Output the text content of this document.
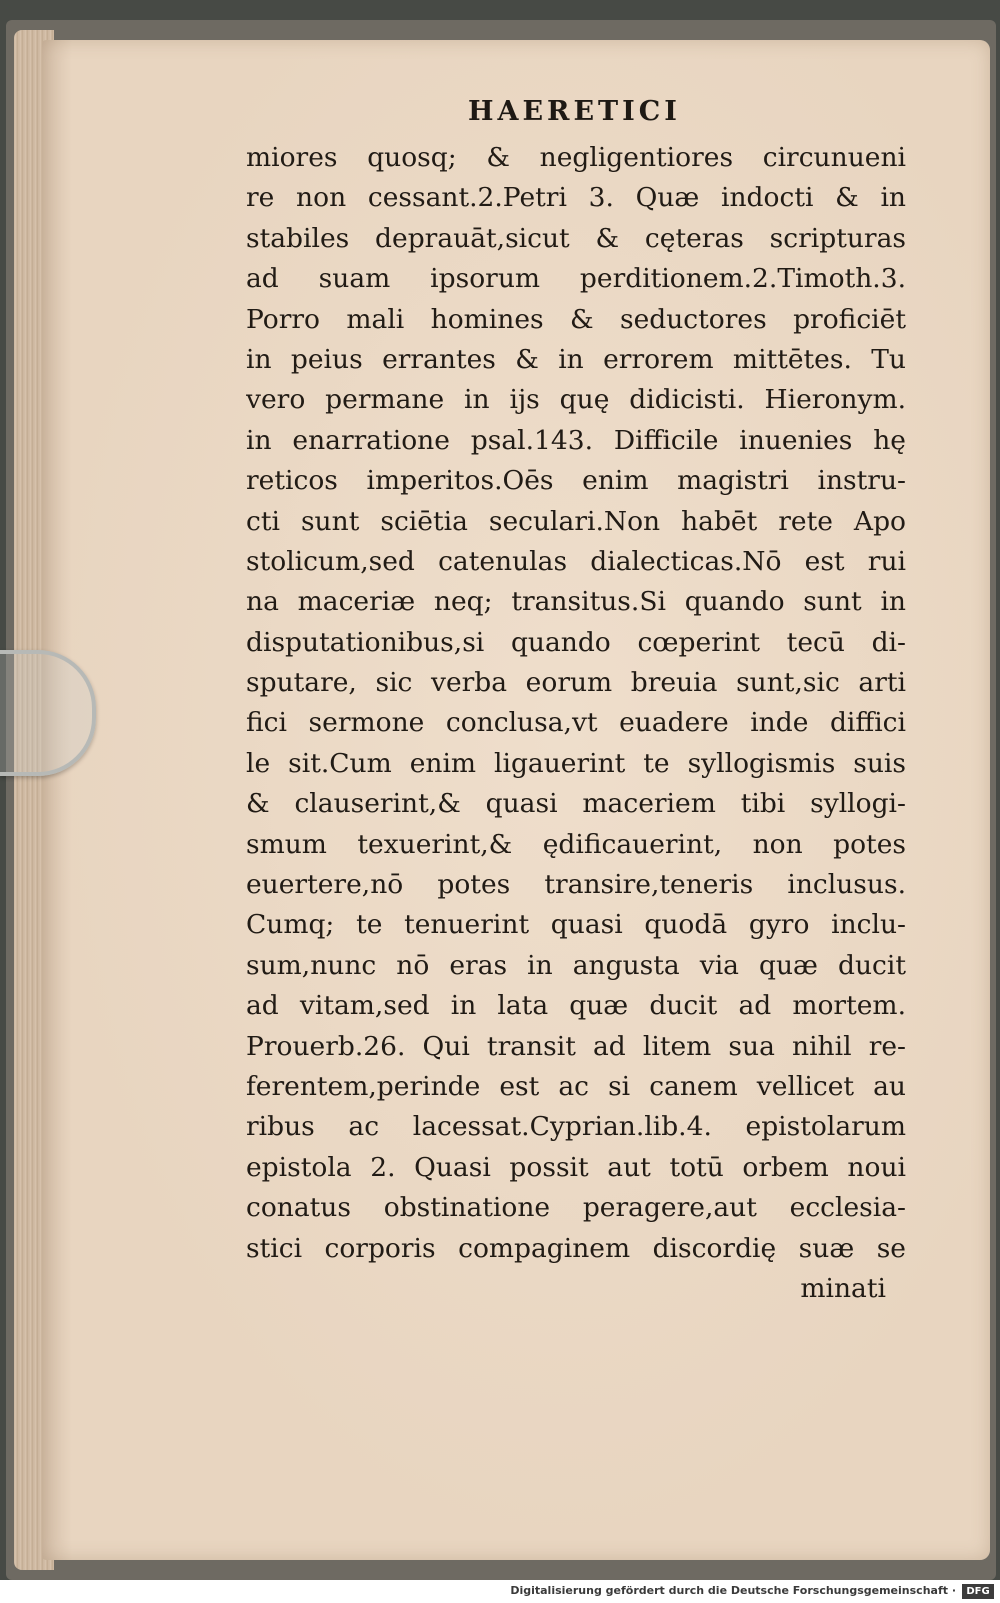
HAERETICI
miores quosq; & negligentiores circunueni
re non cessant.2.Petri 3. Quæ indocti & in
stabiles deprauāt,sicut & cęteras scripturas
ad suam ipsorum perditionem.2.Timoth.3.
Porro mali homines & seductores proficiēt
in peius errantes & in errorem mittētes. Tu
vero permane in ijs quę didicisti. Hieronym.
in enarratione psal.143. Difficile inuenies hę
reticos imperitos.Oēs enim magistri instru-
cti sunt sciētia seculari.Non habēt rete Apo
stolicum,sed catenulas dialecticas.Nō est rui
na maceriæ neq; transitus.Si quando sunt in
disputationibus,si quando cœperint tecū di-
sputare, sic verba eorum breuia sunt,sic arti
fici sermone conclusa,vt euadere inde diffici
le sit.Cum enim ligauerint te syllogismis suis
& clauserint,& quasi maceriem tibi syllogi-
smum texuerint,& ędificauerint, non potes
euertere,nō potes transire,teneris inclusus.
Cumq; te tenuerint quasi quodā gyro inclu-
sum,nunc nō eras in angusta via quæ ducit
ad vitam,sed in lata quæ ducit ad mortem.
Prouerb.26. Qui transit ad litem sua nihil re-
ferentem,perinde est ac si canem vellicet au
ribus ac lacessat.Cyprian.lib.4. epistolarum
epistola 2. Quasi possit aut totū orbem noui
conatus obstinatione peragere,aut ecclesia-
stici corporis compaginem discordię suæ se
minati
Digitalisierung gefördert durch die Deutsche Forschungsgemeinschaft ·	DFG
